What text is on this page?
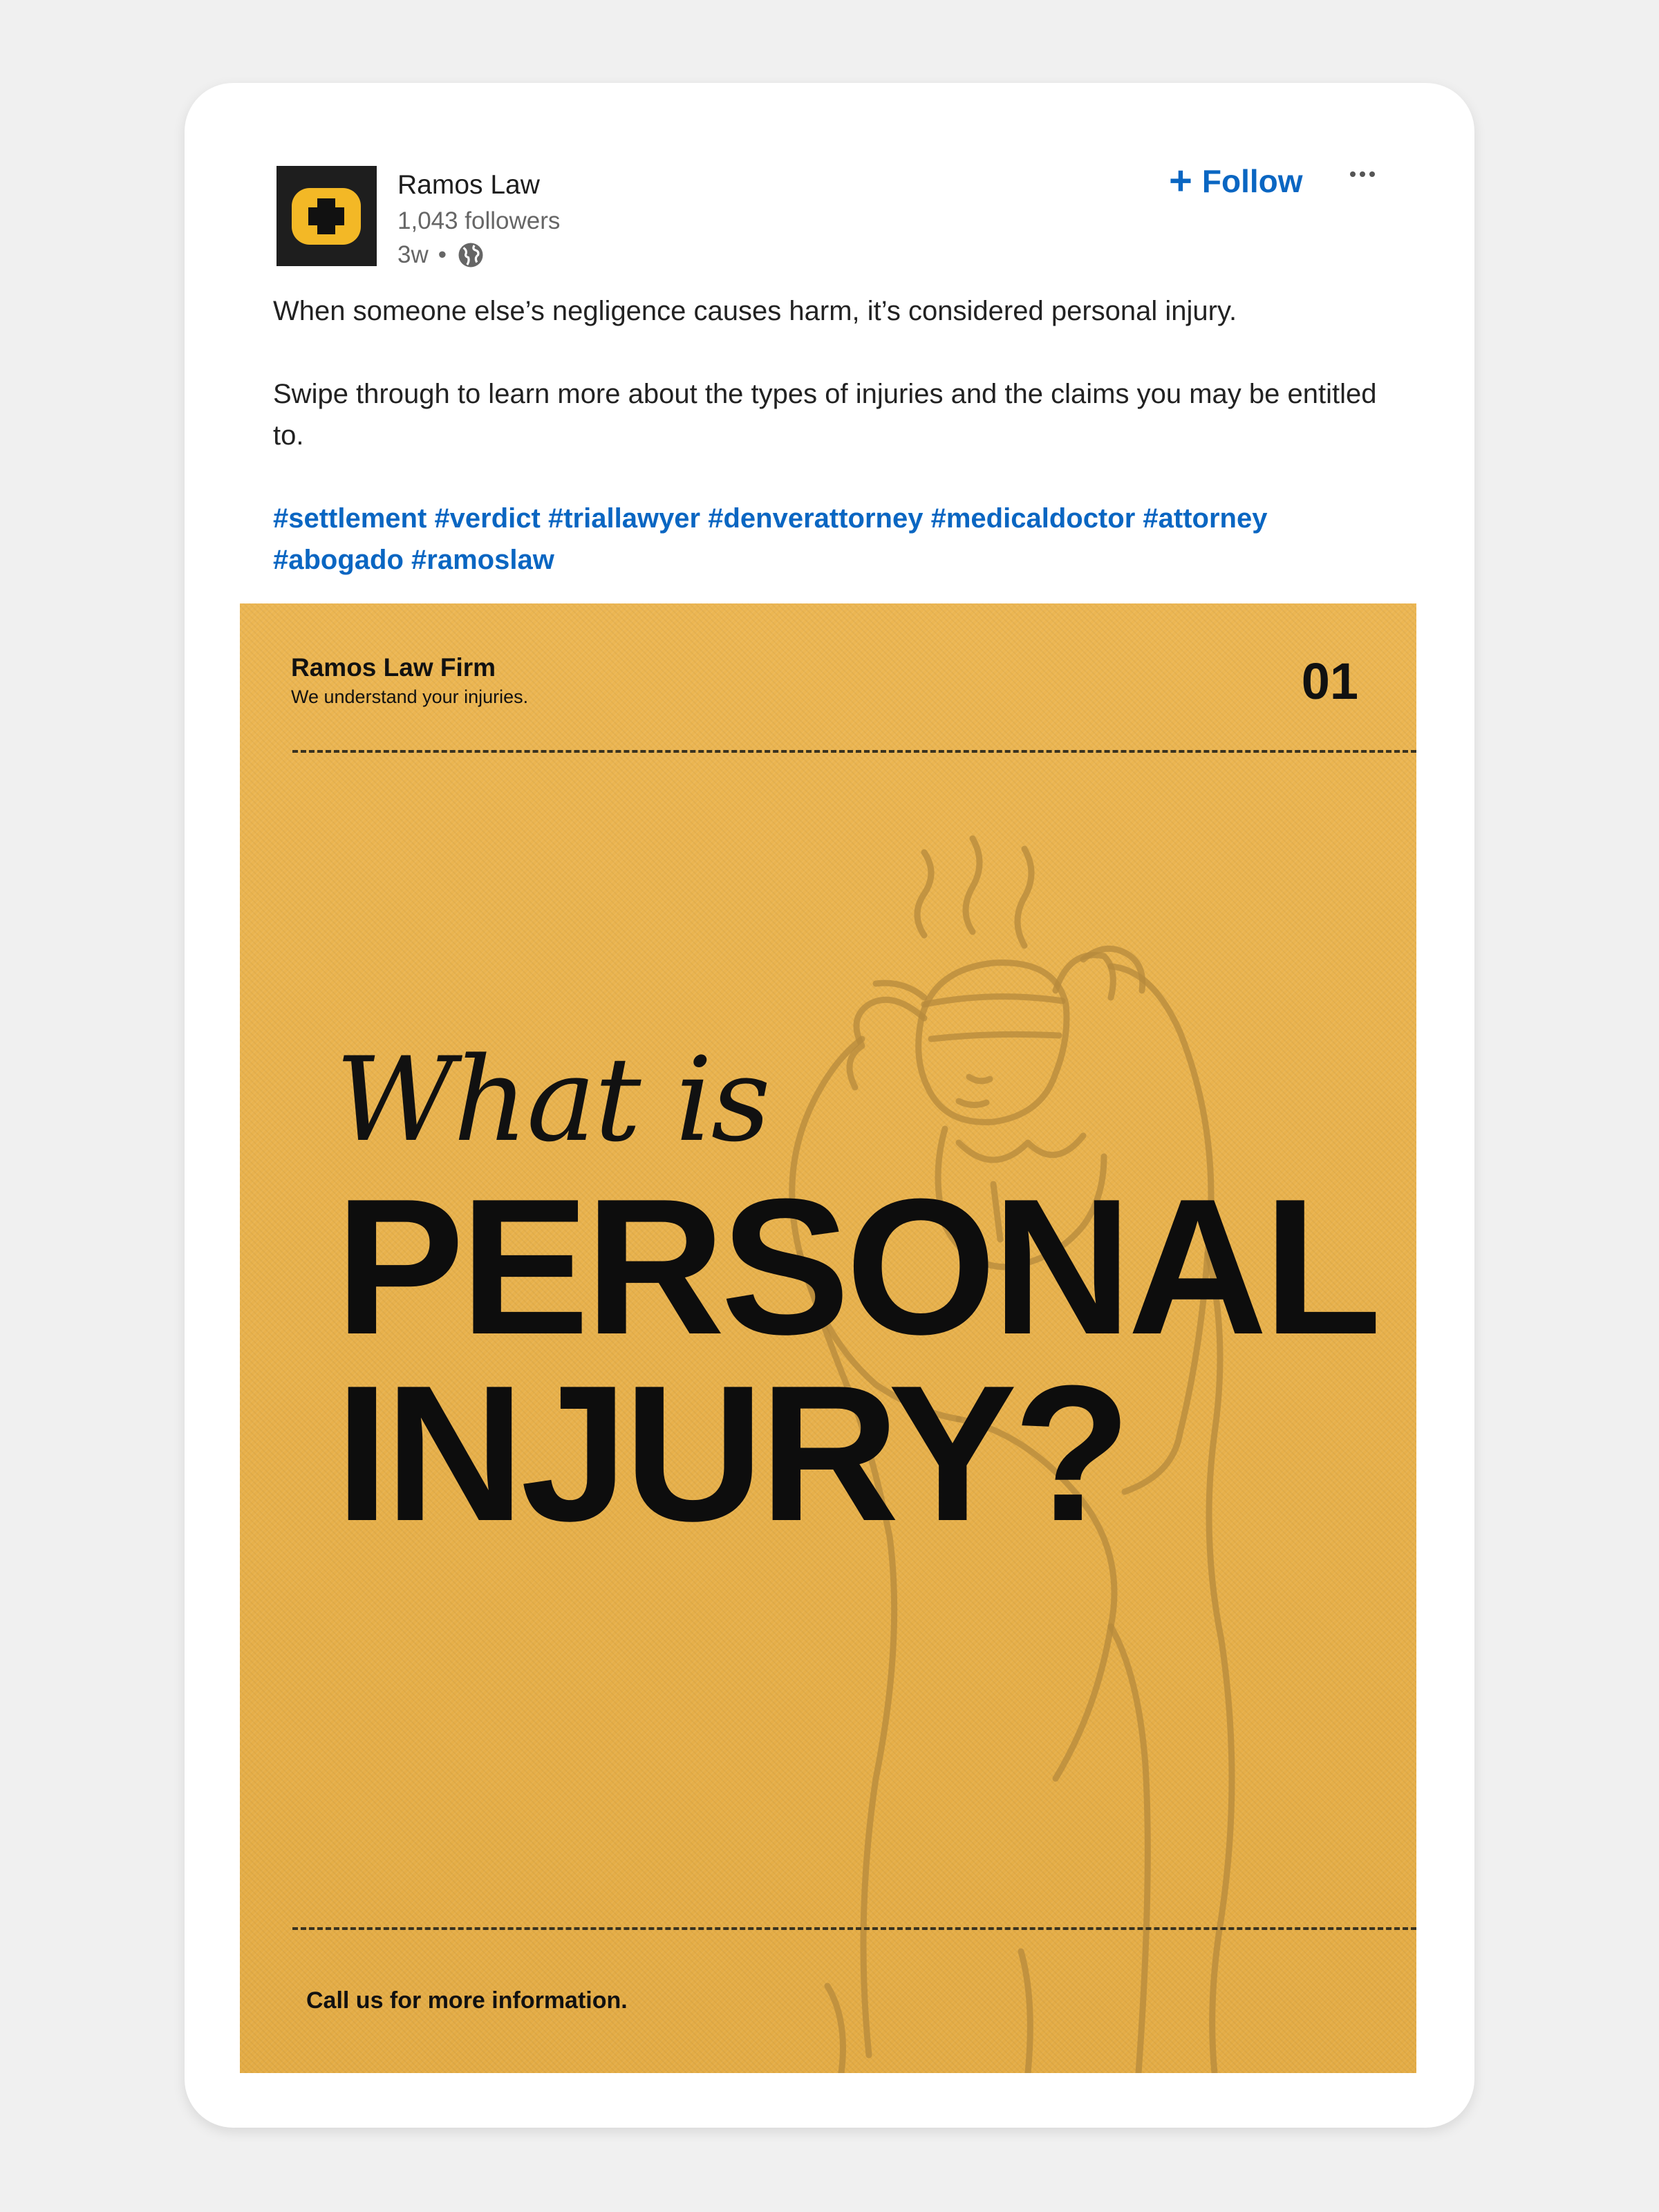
Ramos Law
1,043 followers
3w •
+ Follow

When someone else’s negligence causes harm, it’s considered personal injury.

Swipe through to learn more about the types of injuries and the claims you may be entitled to.

#settlement #verdict #triallawyer #denverattorney #medicaldoctor #attorney
#abogado #ramoslaw

Ramos Law Firm
We understand your injuries.	01
What is
PERSONAL
INJURY?
Call us for more information.
